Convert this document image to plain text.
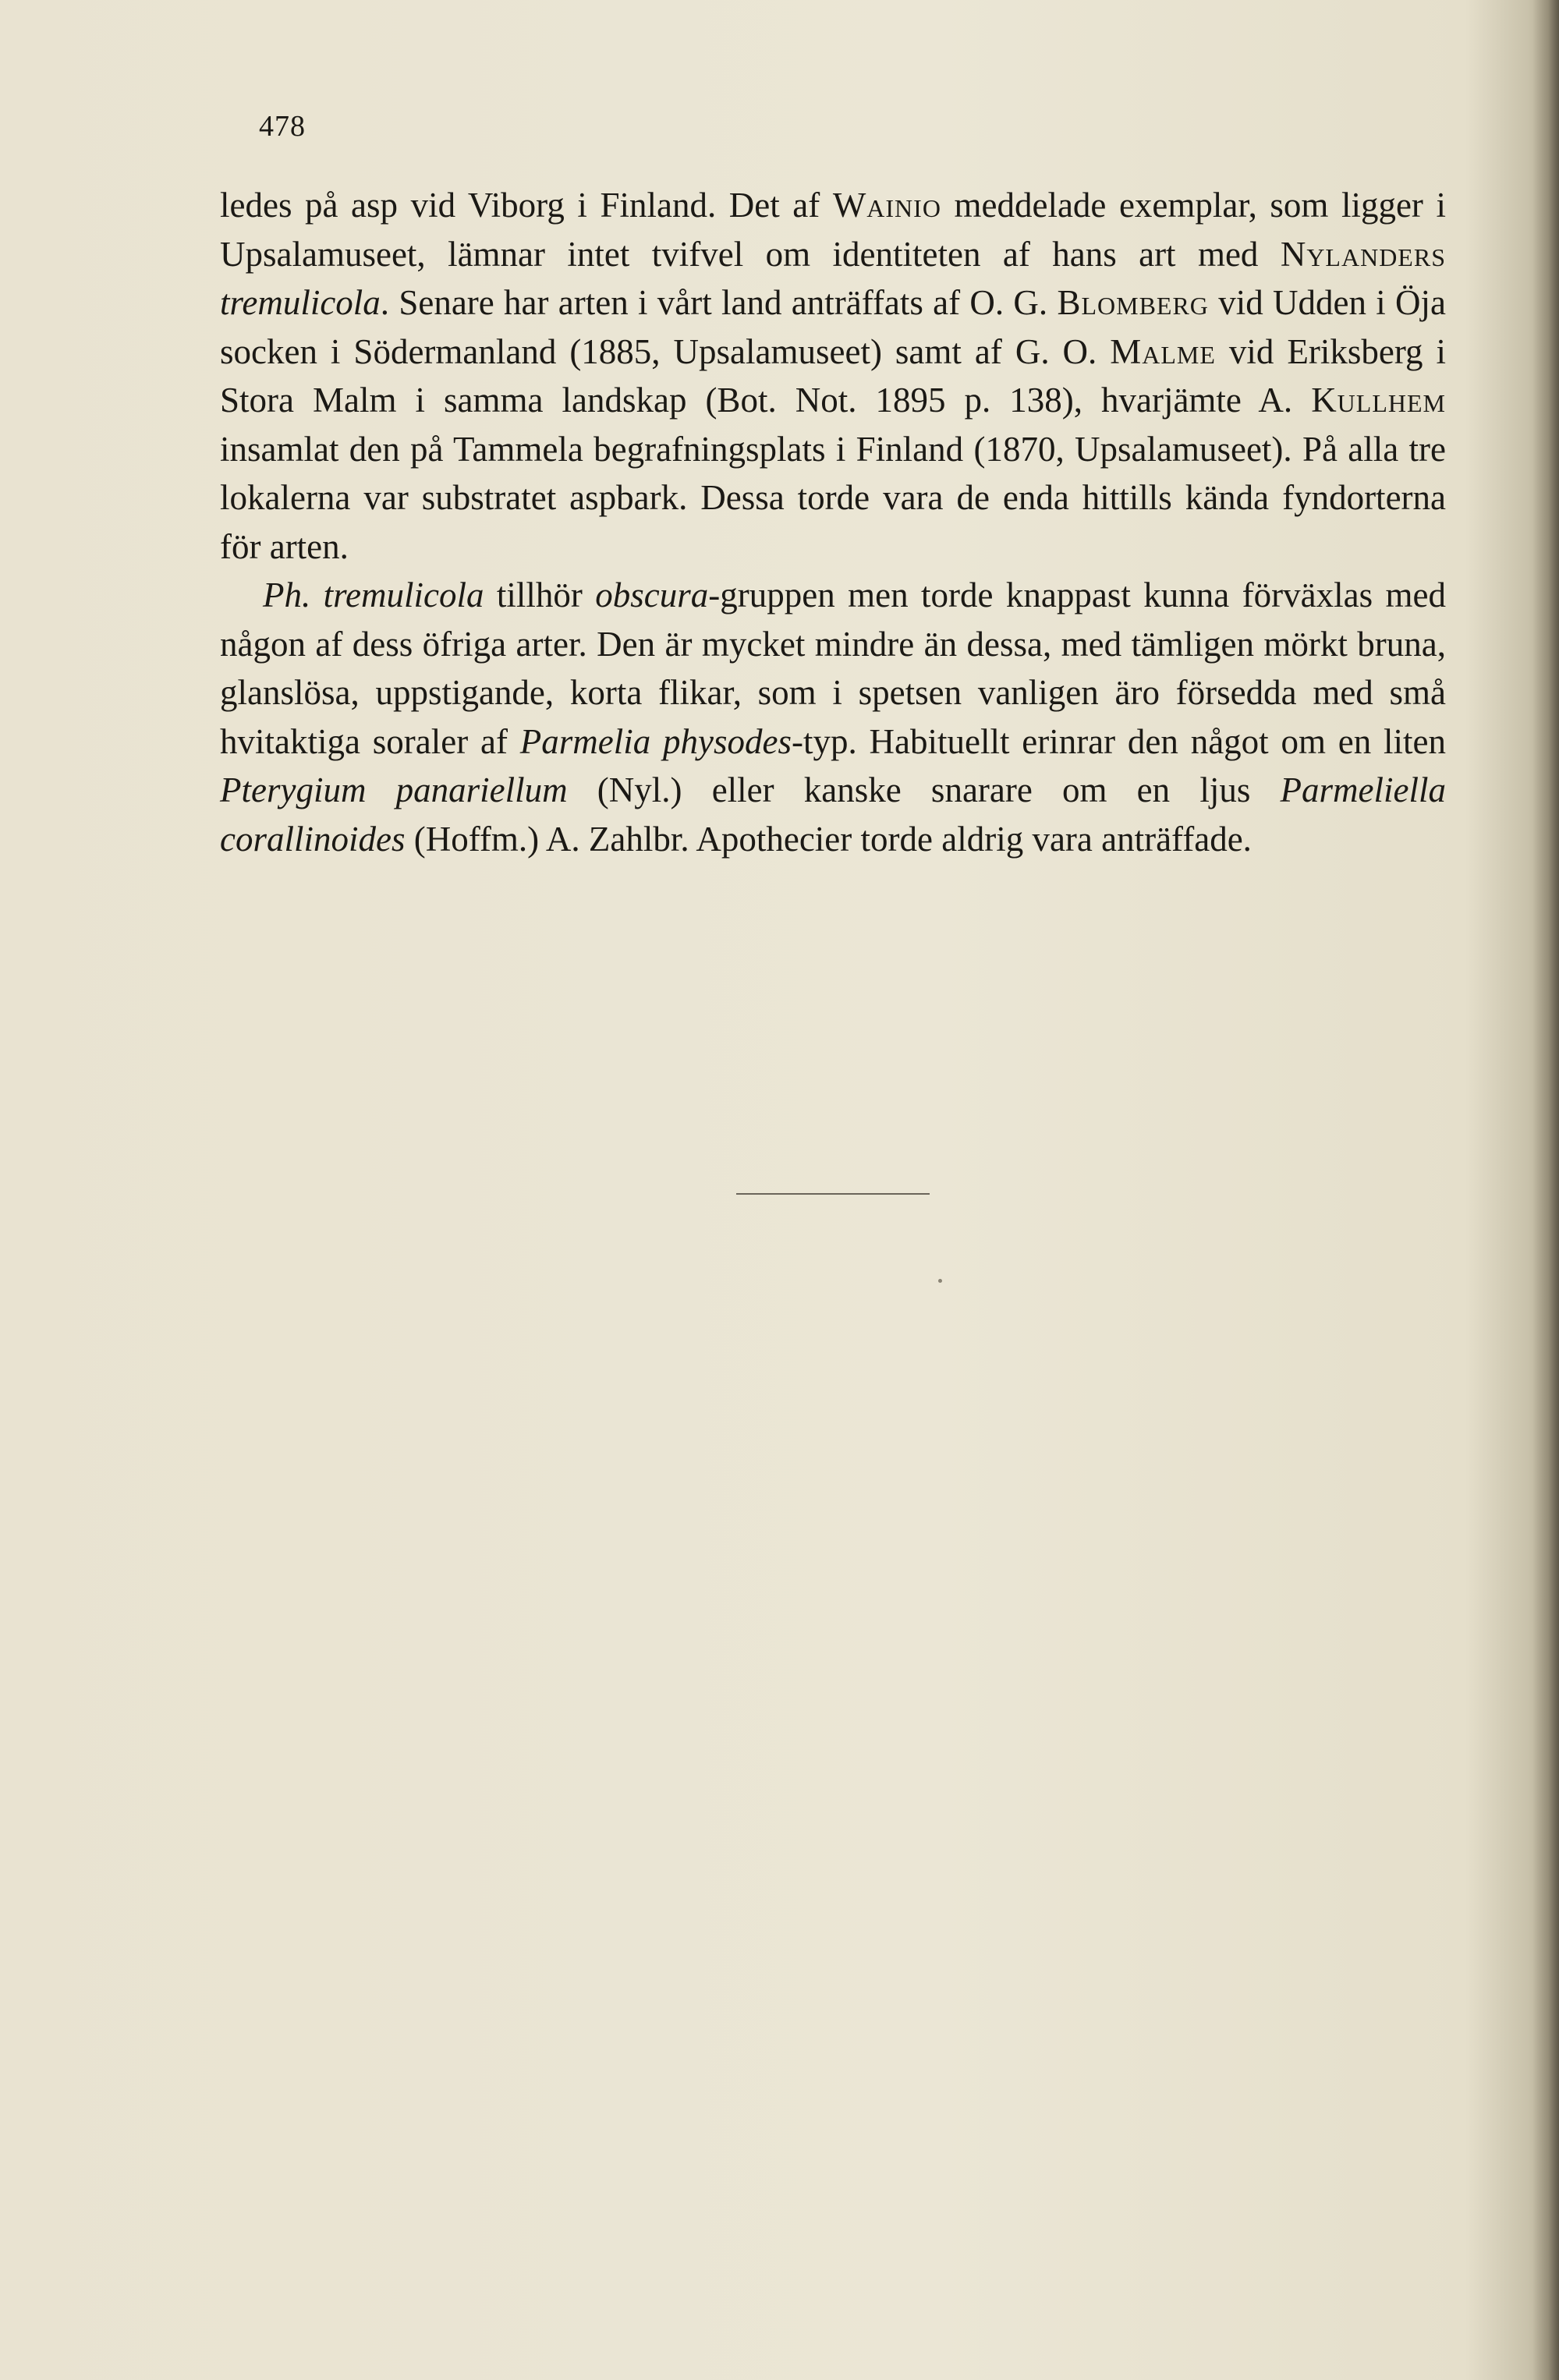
478

ledes på asp vid Viborg i Finland. Det af Wainio meddelade exemplar, som ligger i Upsalamuseet, lämnar intet tvifvel om identiteten af hans art med Nylanders tremulicola. Senare har arten i vårt land anträffats af O. G. Blomberg vid Udden i Öja socken i Södermanland (1885, Upsalamuseet) samt af G. O. Malme vid Eriksberg i Stora Malm i samma landskap (Bot. Not. 1895 p. 138), hvarjämte A. Kullhem insamlat den på Tammela begrafningsplats i Finland (1870, Upsalamuseet). På alla tre lokalerna var substratet aspbark. Dessa torde vara de enda hittills kända fyndorterna för arten.

Ph. tremulicola tillhör obscura-gruppen men torde knappast kunna förväxlas med någon af dess öfriga arter. Den är mycket mindre än dessa, med tämligen mörkt bruna, glanslösa, uppstigande, korta flikar, som i spetsen vanligen äro försedda med små hvitaktiga soraler af Parmelia physodes-typ. Habituellt erinrar den något om en liten Pterygium panariellum (Nyl.) eller kanske snarare om en ljus Parmeliella corallinoides (Hoffm.) A. Zahlbr. Apothecier torde aldrig vara anträffade.
